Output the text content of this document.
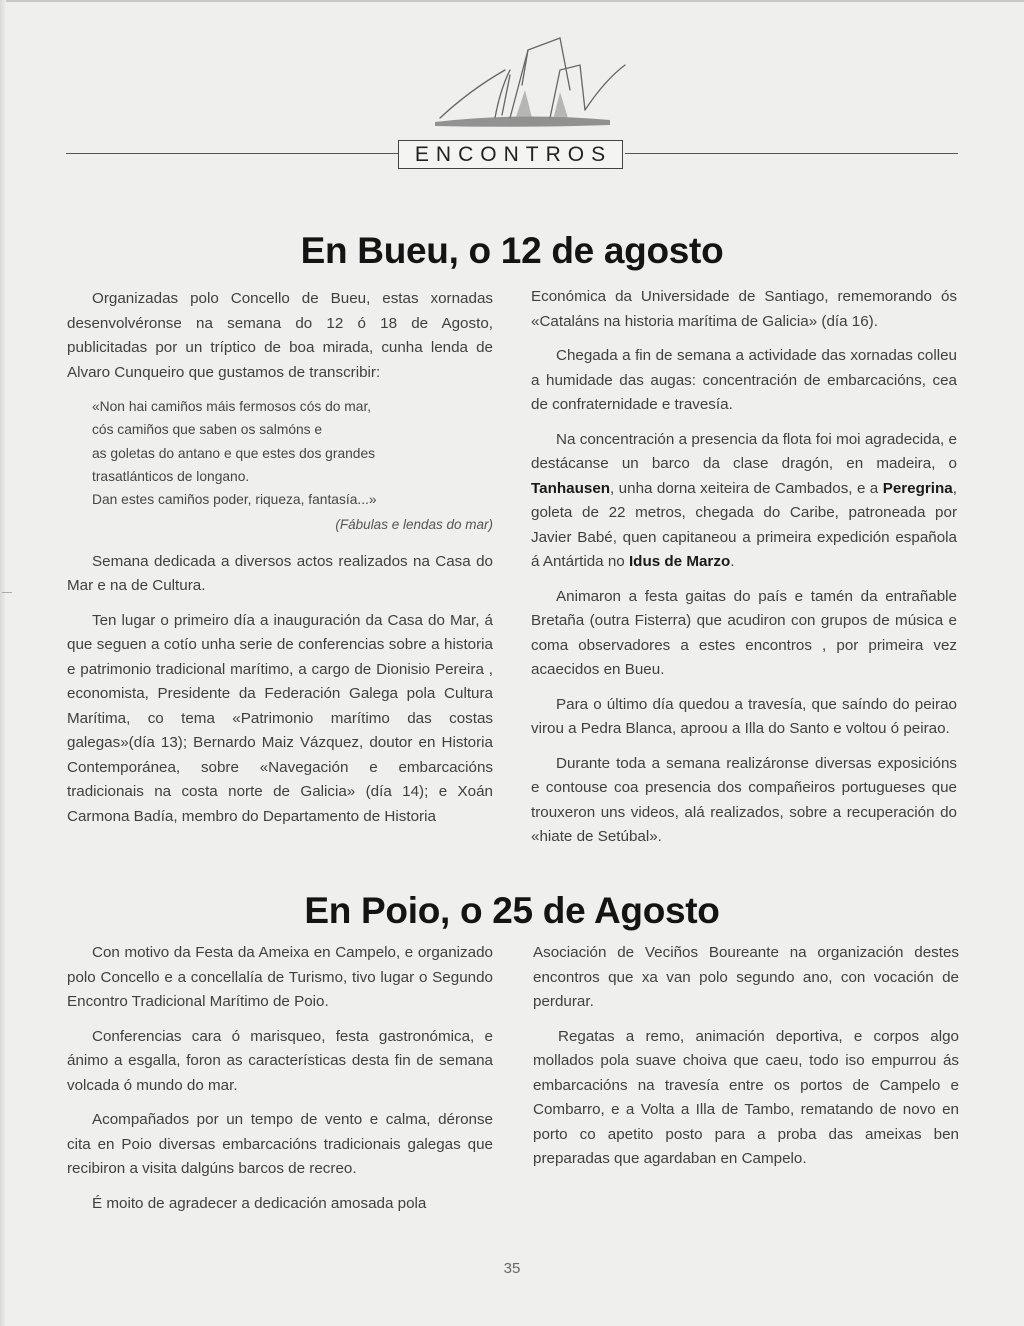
ENCONTROS
En Bueu, o 12 de agosto

Organizadas polo Concello de Bueu, estas xornadas desenvolvéronse na semana do 12 ó 18 de Agosto, publicitadas por un tríptico de boa mirada, cunha lenda de Alvaro Cunqueiro que gustamos de transcribir:

«Non hai camiños máis fermosos cós do mar,
cós camiños que saben os salmóns e
as goletas do antano e que estes dos grandes
trasatlánticos de longano.
Dan estes camiños poder, riqueza, fantasía...»
(Fábulas e lendas do mar)

Semana dedicada a diversos actos realizados na Casa do Mar e na de Cultura.

Ten lugar o primeiro día a inauguración da Casa do Mar, á que seguen a cotío unha serie de conferencias sobre a historia e patrimonio tradicional marítimo, a cargo de Dionisio Pereira , economista, Presidente da Federación Galega pola Cultura Marítima, co tema «Patrimonio marítimo das costas galegas»(día 13); Bernardo Maiz Vázquez, doutor en Historia Contemporánea, sobre «Navegación e embarcacións tradicionais na costa norte de Galicia» (día 14); e Xoán Carmona Badía, membro do Departamento de Historia

Económica da Universidade de Santiago, rememorando ós «Cataláns na historia marítima de Galicia» (día 16).

Chegada a fin de semana a actividade das xornadas colleu a humidade das augas: concentración de embarcacións, cea de confraternidade e travesía.

Na concentración a presencia da flota foi moi agradecida, e destácanse un barco da clase dragón, en madeira, o Tanhausen, unha dorna xeiteira de Cambados, e a Peregrina, goleta de 22 metros, chegada do Caribe, patroneada por Javier Babé, quen capitaneou a primeira expedición española á Antártida no Idus de Marzo.

Animaron a festa gaitas do país e tamén da entrañable Bretaña (outra Fisterra) que acudiron con grupos de música e coma observadores a estes encontros , por primeira vez acaecidos en Bueu.

Para o último día quedou a travesía, que saíndo do peirao virou a Pedra Blanca, aproou a Illa do Santo e voltou ó peirao.

Durante toda a semana realizáronse diversas exposicións e contouse coa presencia dos compañeiros portugueses que trouxeron uns videos, alá realizados, sobre a recuperación do «hiate de Setúbal».

En Poio, o 25 de Agosto

Con motivo da Festa da Ameixa en Campelo, e organizado polo Concello e a concellalía de Turismo, tivo lugar o Segundo Encontro Tradicional Marítimo de Poio.

Conferencias cara ó marisqueo, festa gastronómica, e ánimo a esgalla, foron as características desta fin de semana volcada ó mundo do mar.

Acompañados por un tempo de vento e calma, déronse cita en Poio diversas embarcacións tradicionais galegas que recibiron a visita dalgúns barcos de recreo.

É moito de agradecer a dedicación amosada pola

Asociación de Veciños Boureante na organización destes encontros que xa van polo segundo ano, con vocación de perdurar.

Regatas a remo, animación deportiva, e corpos algo mollados pola suave choiva que caeu, todo iso empurrou ás embarcacións na travesía entre os portos de Campelo e Combarro, e a Volta a Illa de Tambo, rematando de novo en porto co apetito posto para a proba das ameixas ben preparadas que agardaban en Campelo.

35
